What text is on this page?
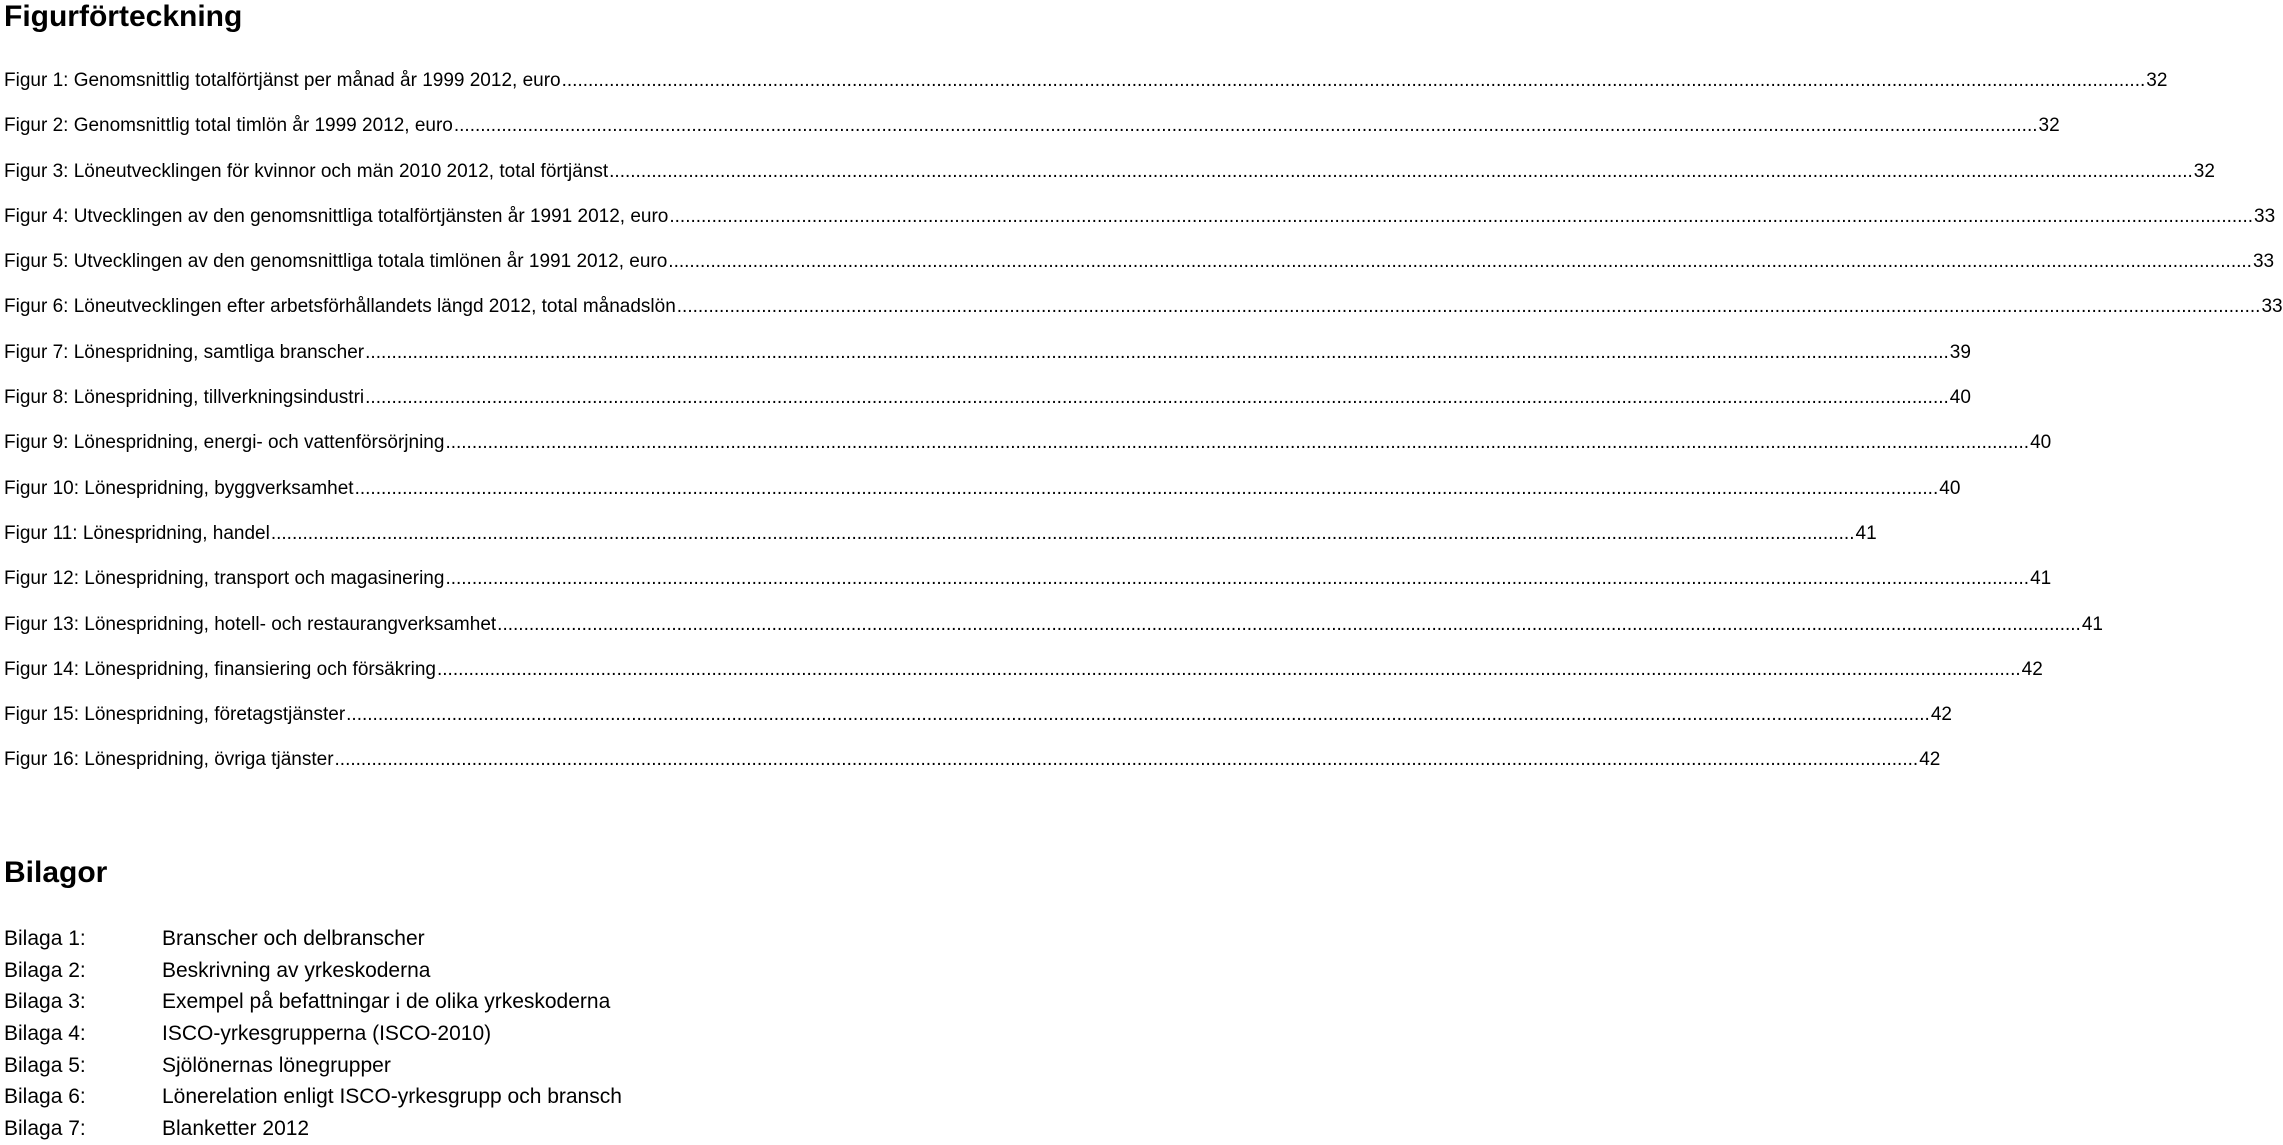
Figurförteckning
Figur 1: Genomsnittlig totalförtjänst per månad år 1999 2012, euro ............................................................................................................................................................................................................................................................................................................ 32
Figur 2: Genomsnittlig total timlön år 1999 2012, euro ............................................................................................................................................................................................................................................................................................................ 32
Figur 3: Löneutvecklingen för kvinnor och män 2010 2012, total förtjänst ............................................................................................................................................................................................................................................................................................................ 32
Figur 4: Utvecklingen av den genomsnittliga totalförtjänsten år 1991 2012, euro ............................................................................................................................................................................................................................................................................................................ 33
Figur 5: Utvecklingen av den genomsnittliga totala timlönen år 1991 2012, euro ............................................................................................................................................................................................................................................................................................................ 33
Figur 6: Löneutvecklingen efter arbetsförhållandets längd 2012, total månadslön ............................................................................................................................................................................................................................................................................................................ 33
Figur 7: Lönespridning, samtliga branscher ............................................................................................................................................................................................................................................................................................................ 39
Figur 8: Lönespridning, tillverkningsindustri ............................................................................................................................................................................................................................................................................................................ 40
Figur 9: Lönespridning, energi- och vattenförsörjning ............................................................................................................................................................................................................................................................................................................ 40
Figur 10: Lönespridning, byggverksamhet ............................................................................................................................................................................................................................................................................................................ 40
Figur 11: Lönespridning, handel ............................................................................................................................................................................................................................................................................................................ 41
Figur 12: Lönespridning, transport och magasinering ............................................................................................................................................................................................................................................................................................................ 41
Figur 13: Lönespridning, hotell- och restaurangverksamhet ............................................................................................................................................................................................................................................................................................................ 41
Figur 14: Lönespridning, finansiering och försäkring ............................................................................................................................................................................................................................................................................................................ 42
Figur 15: Lönespridning, företagstjänster ............................................................................................................................................................................................................................................................................................................ 42
Figur 16: Lönespridning, övriga tjänster ............................................................................................................................................................................................................................................................................................................ 42
Bilagor
Bilaga 1:	Branscher och delbranscher
Bilaga 2:	Beskrivning av yrkeskoderna
Bilaga 3:	Exempel på befattningar i de olika yrkeskoderna
Bilaga 4:	ISCO-yrkesgrupperna (ISCO-2010)
Bilaga 5:	Sjölönernas lönegrupper
Bilaga 6:	Lönerelation enligt ISCO-yrkesgrupp och bransch
Bilaga 7:	Blanketter 2012
